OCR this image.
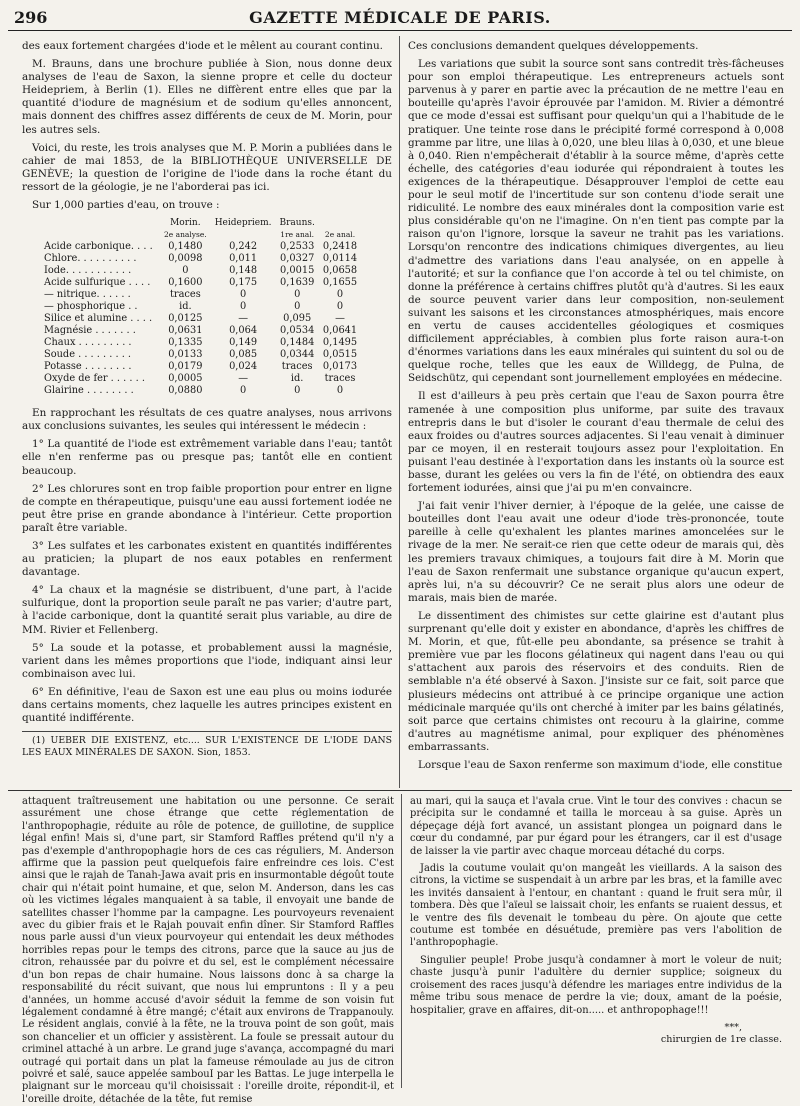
296	GAZETTE MÉDICALE DE PARIS.

des eaux fortement chargées d'iode et le mêlent au courant continu.

M. Brauns, dans une brochure publiée à Sion, nous donne deux analyses de l'eau de Saxon, la sienne propre et celle du docteur Heidepriem, à Berlin (1). Elles ne diffèrent entre elles que par la quantité d'iodure de magnésium et de sodium qu'elles annoncent, mais donnent des chiffres assez différents de ceux de M. Morin, pour les autres sels.

Voici, du reste, les trois analyses que M. P. Morin a publiées dans le cahier de mai 1853, de la BIBLIOTHÈQUE UNIVERSELLE DE GENÈVE; la question de l'origine de l'iode dans la roche étant du ressort de la géologie, je ne l'aborderai pas ici.

Sur 1,000 parties d'eau, on trouve :

	Morin.	Heidepriem.	Brauns.	
	2e analyse.		1re anal.	2e anal.
Acide carbonique. . . .	0,1480	0,242	0,2533	0,2418
Chlore. . . . . . . . . .	0,0098	0,011	0,0327	0,0114
Iode. . . . . . . . . . .	0	0,148	0,0015	0,0658
Acide sulfurique . . . .	0,1600	0,175	0,1639	0,1655
— nitrique. . . . . .	traces	0	0	0
— phosphorique . .	id.	0	0	0
Silice et alumine . . . .	0,0125	—	0,095	—
Magnésie . . . . . . .	0,0631	0,064	0,0534	0,0641
Chaux . . . . . . . . .	0,1335	0,149	0,1484	0,1495
Soude . . . . . . . . .	0,0133	0,085	0,0344	0,0515
Potasse . . . . . . . .	0,0179	0,024	traces	0,0173
Oxyde de fer . . . . . .	0,0005	—	id.	traces
Glairine . . . . . . . .	0,0880	0	0	0

En rapprochant les résultats de ces quatre analyses, nous arrivons aux conclusions suivantes, les seules qui intéressent le médecin :

1° La quantité de l'iode est extrêmement variable dans l'eau; tantôt elle n'en renferme pas ou presque pas; tantôt elle en contient beaucoup.

2° Les chlorures sont en trop faible proportion pour entrer en ligne de compte en thérapeutique, puisqu'une eau aussi fortement iodée ne peut être prise en grande abondance à l'intérieur. Cette proportion paraît être variable.

3° Les sulfates et les carbonates existent en quantités indifférentes au praticien; la plupart de nos eaux potables en renferment davantage.

4° La chaux et la magnésie se distribuent, d'une part, à l'acide sulfurique, dont la proportion seule paraît ne pas varier; d'autre part, à l'acide carbonique, dont la quantité serait plus variable, au dire de MM. Rivier et Fellenberg.

5° La soude et la potasse, et probablement aussi la magnésie, varient dans les mêmes proportions que l'iode, indiquant ainsi leur combinaison avec lui.

6° En définitive, l'eau de Saxon est une eau plus ou moins iodurée dans certains moments, chez laquelle les autres principes existent en quantité indifférente.

(1) UEBER DIE EXISTENZ, etc.... SUR L'EXISTENCE DE L'IODE DANS LES EAUX MINÉRALES DE SAXON. Sion, 1853.

Ces conclusions demandent quelques développements.

Les variations que subit la source sont sans contredit très-fâcheuses pour son emploi thérapeutique. Les entrepreneurs actuels sont parvenus à y parer en partie avec la précaution de ne mettre l'eau en bouteille qu'après l'avoir éprouvée par l'amidon. M. Rivier a démontré que ce mode d'essai est suffisant pour quelqu'un qui a l'habitude de le pratiquer. Une teinte rose dans le précipité formé correspond à 0,008 gramme par litre, une lilas à 0,020, une bleu lilas à 0,030, et une bleue à 0,040. Rien n'empêcherait d'établir à la source même, d'après cette échelle, des catégories d'eau iodurée qui répondraient à toutes les exigences de la thérapeutique. Désapprouver l'emploi de cette eau pour le seul motif de l'incertitude sur son contenu d'iode serait une ridiculité. Le nombre des eaux minérales dont la composition varie est plus considérable qu'on ne l'imagine. On n'en tient pas compte par la raison qu'on l'ignore, lorsque la saveur ne trahit pas les variations. Lorsqu'on rencontre des indications chimiques divergentes, au lieu d'admettre des variations dans l'eau analysée, on en appelle à l'autorité; et sur la confiance que l'on accorde à tel ou tel chimiste, on donne la préférence à certains chiffres plutôt qu'à d'autres. Si les eaux de source peuvent varier dans leur composition, non-seulement suivant les saisons et les circonstances atmosphériques, mais encore en vertu de causes accidentelles géologiques et cosmiques difficilement appréciables, à combien plus forte raison aura-t-on d'énormes variations dans les eaux minérales qui suintent du sol ou de quelque roche, telles que les eaux de Willdegg, de Pulna, de Seidschütz, qui cependant sont journellement employées en médecine.

Il est d'ailleurs à peu près certain que l'eau de Saxon pourra être ramenée à une composition plus uniforme, par suite des travaux entrepris dans le but d'isoler le courant d'eau thermale de celui des eaux froides ou d'autres sources adjacentes. Si l'eau venait à diminuer par ce moyen, il en resterait toujours assez pour l'exploitation. En puisant l'eau destinée à l'exportation dans les instants où la source est basse, durant les gelées ou vers la fin de l'été, on obtiendra des eaux fortement iodurées, ainsi que j'ai pu m'en convaincre.

J'ai fait venir l'hiver dernier, à l'époque de la gelée, une caisse de bouteilles dont l'eau avait une odeur d'iode très-prononcée, toute pareille à celle qu'exhalent les plantes marines amoncelées sur le rivage de la mer. Ne serait-ce rien que cette odeur de marais qui, dès les premiers travaux chimiques, a toujours fait dire à M. Morin que l'eau de Saxon renfermait une substance organique qu'aucun expert, après lui, n'a su découvrir? Ce ne serait plus alors une odeur de marais, mais bien de marée.

Le dissentiment des chimistes sur cette glairine est d'autant plus surprenant qu'elle doit y exister en abondance, d'après les chiffres de M. Morin, et que, fût-elle peu abondante, sa présence se trahit à première vue par les flocons gélatineux qui nagent dans l'eau ou qui s'attachent aux parois des réservoirs et des conduits. Rien de semblable n'a été observé à Saxon. J'insiste sur ce fait, soit parce que plusieurs médecins ont attribué à ce principe organique une action médicinale marquée qu'ils ont cherché à imiter par les bains gélatinés, soit parce que certains chimistes ont recouru à la glairine, comme d'autres au magnétisme animal, pour expliquer des phénomènes embarrassants.

Lorsque l'eau de Saxon renferme son maximum d'iode, elle constitue

attaquent traîtreusement une habitation ou une personne. Ce serait assurément une chose étrange que cette réglementation de l'anthropophagie, réduite au rôle de potence, de guillotine, de supplice légal enfin! Mais si, d'une part, sir Stamford Raffles prétend qu'il n'y a pas d'exemple d'anthropophagie hors de ces cas réguliers, M. Anderson affirme que la passion peut quelquefois faire enfreindre ces lois. C'est ainsi que le rajah de Tanah-Jawa avait pris en insurmontable dégoût toute chair qui n'était point humaine, et que, selon M. Anderson, dans les cas où les victimes légales manquaient à sa table, il envoyait une bande de satellites chasser l'homme par la campagne. Les pourvoyeurs revenaient avec du gibier frais et le Rajah pouvait enfin dîner. Sir Stamford Raffles nous parle aussi d'un vieux pourvoyeur qui entendait les deux méthodes horribles repas pour le temps des citrons, parce que la sauce au jus de citron, rehaussée par du poivre et du sel, est le complément nécessaire d'un bon repas de chair humaine. Nous laissons donc à sa charge la responsabilité du récit suivant, que nous lui empruntons : Il y a peu d'années, un homme accusé d'avoir séduit la femme de son voisin fut légalement condamné à être mangé; c'était aux environs de Trappanouly. Le résident anglais, convié à la fête, ne la trouva point de son goût, mais son chancelier et un officier y assistèrent. La foule se pressait autour du criminel attaché à un arbre. Le grand juge s'avança, accompagné du mari outragé qui portait dans un plat la fameuse rémoulade au jus de citron poivré et salé, sauce appelée sambouI par les Battas. Le juge interpella le plaignant sur le morceau qu'il choisissait : l'oreille droite, répondit-il, et l'oreille droite, détachée de la tête, fut remise

au mari, qui la sauça et l'avala crue. Vint le tour des convives : chacun se précipita sur le condamné et tailla le morceau à sa guise. Après un dépeçage déjà fort avancé, un assistant plongea un poignard dans le cœur du condamné, par pur égard pour les étrangers, car il est d'usage de laisser la vie partir avec chaque morceau détaché du corps.

Jadis la coutume voulait qu'on mangeât les vieillards. A la saison des citrons, la victime se suspendait à un arbre par les bras, et la famille avec les invités dansaient à l'entour, en chantant : quand le fruit sera mûr, il tombera. Dès que l'aïeul se laissait choir, les enfants se ruaient dessus, et le ventre des fils devenait le tombeau du père. On ajoute que cette coutume est tombée en désuétude, première pas vers l'abolition de l'anthropophagie.

Singulier peuple! Probe jusqu'à condamner à mort le voleur de nuit; chaste jusqu'à punir l'adultère du dernier supplice; soigneux du croisement des races jusqu'à défendre les mariages entre individus de la même tribu sous menace de perdre la vie; doux, amant de la poésie, hospitalier, grave en affaires, dit-on..... et anthropophage!!!

***,
chirurgien de 1re classe.
